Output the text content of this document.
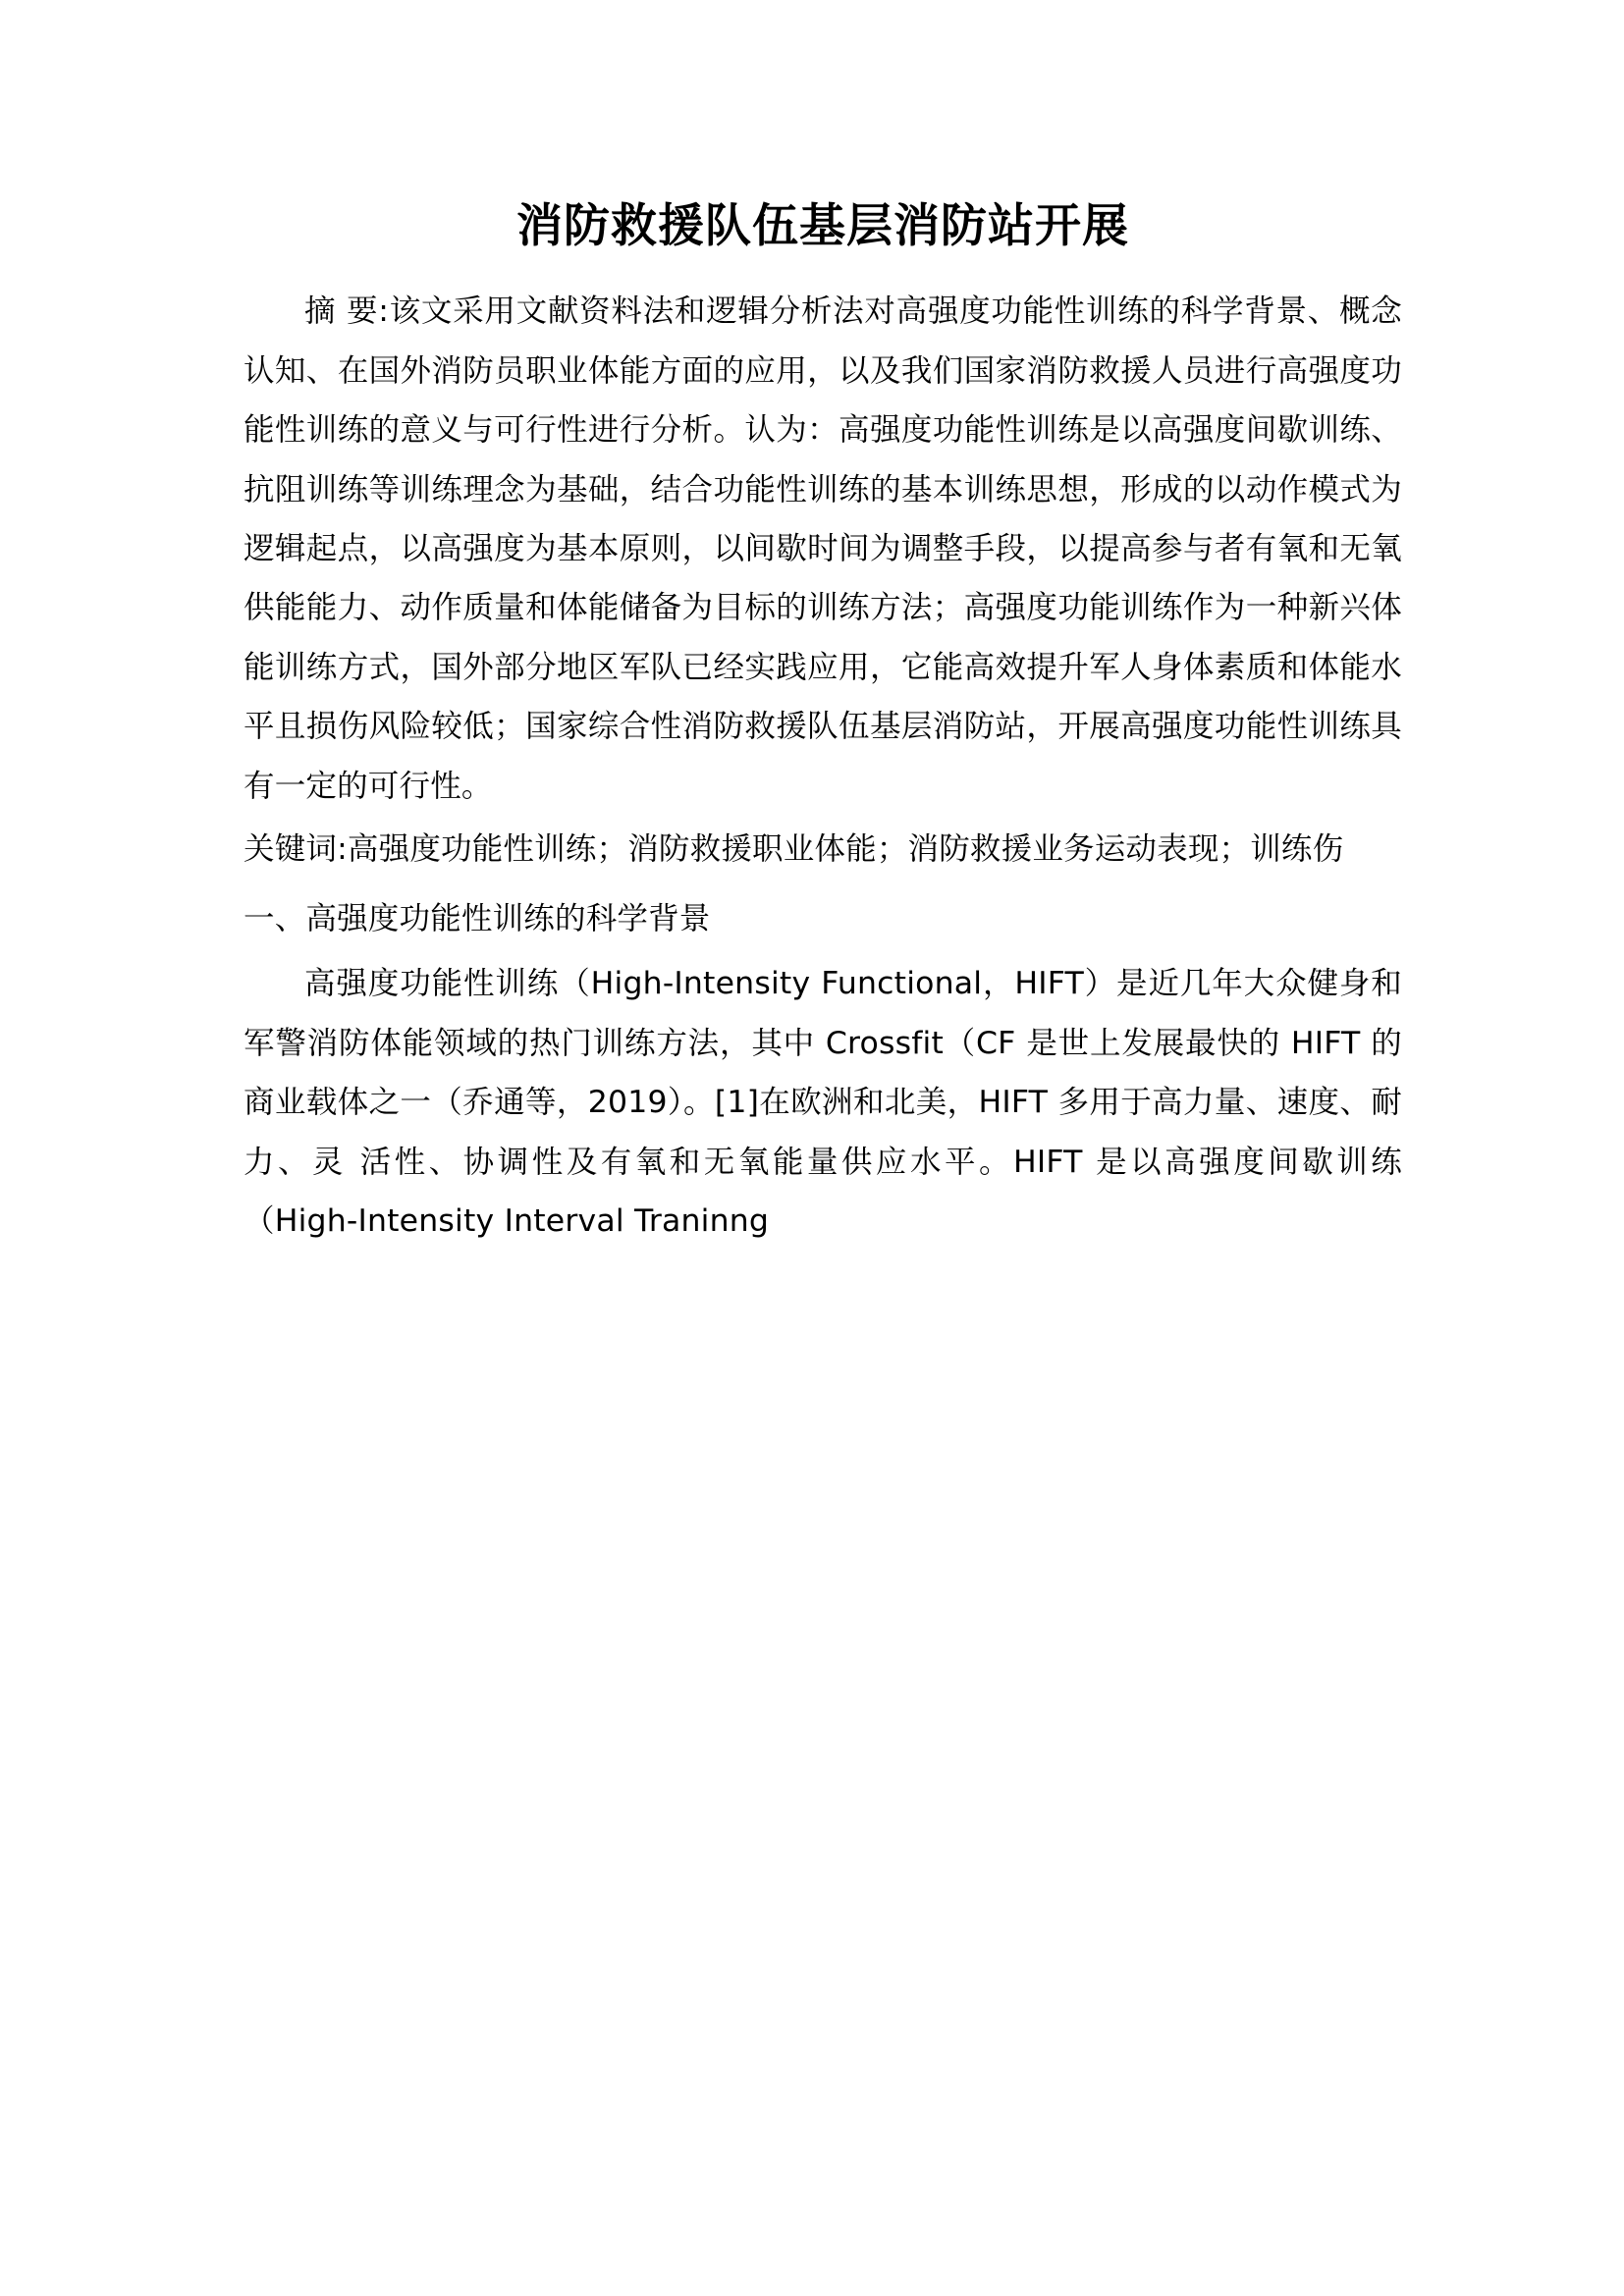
消防救援队伍基层消防站开展

摘 要:该文采用文献资料法和逻辑分析法对高强度功能性训练的科学背景、概念认知、在国外消防员职业体能方面的应用，以及我们国家消防救援人员进行高强度功能性训练的意义与可行性进行分析。认为：高强度功能性训练是以高强度间歇训练、抗阻训练等训练理念为基础，结合功能性训练的基本训练思想，形成的以动作模式为逻辑起点，以高强度为基本原则，以间歇时间为调整手段，以提高参与者有氧和无氧供能能力、动作质量和体能储备为目标的训练方法；高强度功能训练作为一种新兴体能训练方式，国外部分地区军队已经实践应用，它能高效提升军人身体素质和体能水平且损伤风险较低；国家综合性消防救援队伍基层消防站，开展高强度功能性训练具有一定的可行性。

关键词:高强度功能性训练；消防救援职业体能；消防救援业务运动表现；训练伤

一、高强度功能性训练的科学背景

高强度功能性训练（High-Intensity Functional，HIFT）是近几年大众健身和军警消防体能领域的热门训练方法，其中 Crossfit（CF 是世上发展最快的 HIFT 的商业载体之一（乔通等，2019）。[1]在欧洲和北美，HIFT 多用于高力量、速度、耐力、灵 活性、协调性及有氧和无氧能量供应水平。HIFT 是以高强度间歇训练（High-Intensity Interval Traninng
